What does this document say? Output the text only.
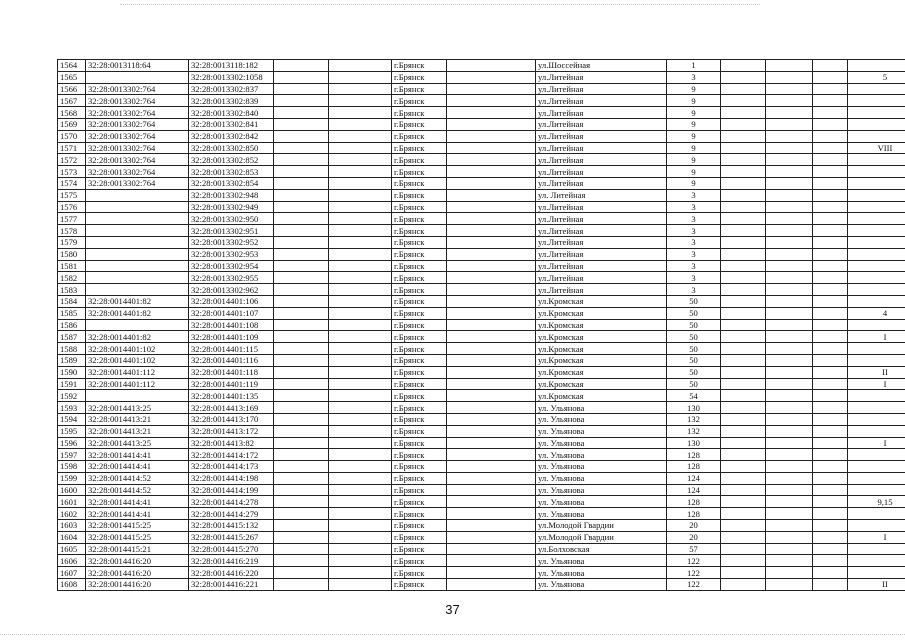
1564	32:28:0013118:64	32:28:0013118:182			г.Брянск		ул.Шоссейная	1				
1565		32:28:0013302:1058			г.Брянск		ул.Литейная	3				5
1566	32:28:0013302:764	32:28:0013302:837			г.Брянск		ул.Литейная	9				
1567	32:28:0013302:764	32:28:0013302:839			г.Брянск		ул.Литейная	9				
1568	32:28:0013302:764	32:28:0013302:840			г.Брянск		ул.Литейная	9				
1569	32:28:0013302:764	32:28:0013302:841			г.Брянск		ул.Литейная	9				
1570	32:28:0013302:764	32:28:0013302:842			г.Брянск		ул.Литейная	9				
1571	32:28:0013302:764	32:28:0013302:850			г.Брянск		ул.Литейная	9				VIII
1572	32:28:0013302:764	32:28:0013302:852			г.Брянск		ул.Литейная	9				
1573	32:28:0013302:764	32:28:0013302:853			г.Брянск		ул.Литейная	9				
1574	32:28:0013302:764	32:28:0013302:854			г.Брянск		ул.Литейная	9				
1575		32:28:0013302:948			г.Брянск		ул. Литейная	3				
1576		32:28:0013302:949			г.Брянск		ул.Литейная	3				
1577		32:28:0013302:950			г.Брянск		ул.Литейная	3				
1578		32:28:0013302:951			г.Брянск		ул.Литейная	3				
1579		32:28:0013302:952			г.Брянск		ул.Литейная	3				
1580		32:28:0013302:953			г.Брянск		ул.Литейная	3				
1581		32:28:0013302:954			г.Брянск		ул.Литейная	3				
1582		32:28:0013302:955			г.Брянск		ул.Литейная	3				
1583		32:28:0013302:962			г.Брянск		ул.Литейная	3				
1584	32:28:0014401:82	32:28:0014401:106			г.Брянск		ул.Кромская	50				
1585	32:28:0014401:82	32:28:0014401:107			г.Брянск		ул.Кромская	50				4
1586		32:28:0014401:108			г.Брянск		ул.Кромская	50				
1587	32:28:0014401:82	32:28:0014401:109			г.Брянск		ул.Кромская	50				I
1588	32:28:0014401:102	32:28:0014401:115			г.Брянск		ул.Кромская	50				
1589	32:28:0014401:102	32:28:0014401:116			г.Брянск		ул.Кромская	50				
1590	32:28:0014401:112	32:28:0014401:118			г.Брянск		ул.Кромская	50				II
1591	32:28:0014401:112	32:28:0014401:119			г.Брянск		ул.Кромская	50				I
1592		32:28:0014401:135			г.Брянск		ул.Кромская	54				
1593	32:28:0014413:25	32:28:0014413:169			г.Брянск		ул. Ульянова	130				
1594	32:28:0014413:21	32:28:0014413:170			г.Брянск		ул. Ульянова	132				
1595	32:28:0014413:21	32:28:0014413:172			г.Брянск		ул. Ульянова	132				
1596	32:28:0014413:25	32:28:0014413:82			г.Брянск		ул. Ульянова	130				I
1597	32:28:0014414:41	32:28:0014414:172			г.Брянск		ул. Ульянова	128				
1598	32:28:0014414:41	32:28:0014414:173			г.Брянск		ул. Ульянова	128				
1599	32:28:0014414:52	32:28:0014414:198			г.Брянск		ул. Ульянова	124				
1600	32:28:0014414:52	32:28:0014414:199			г.Брянск		ул. Ульянова	124				
1601	32:28:0014414:41	32:28:0014414:278			г.Брянск		ул. Ульянова	128				9,15
1602	32:28:0014414:41	32:28:0014414:279			г.Брянск		ул. Ульянова	128				
1603	32:28:0014415:25	32:28:0014415:132			г.Брянск		ул.Молодой Гвардии	20				
1604	32:28:0014415:25	32:28:0014415:267			г.Брянск		ул.Молодой Гвардии	20				I
1605	32:28:0014415:21	32:28:0014415:270			г.Брянск		ул.Болховская	57				
1606	32:28:0014416:20	32:28:0014416:219			г.Брянск		ул. Ульянова	122				
1607	32:28:0014416:20	32:28:0014416:220			г.Брянск		ул. Ульянова	122				
1608	32:28:0014416:20	32:28:0014416:221			г.Брянск		ул. Ульянова	122				II
37
